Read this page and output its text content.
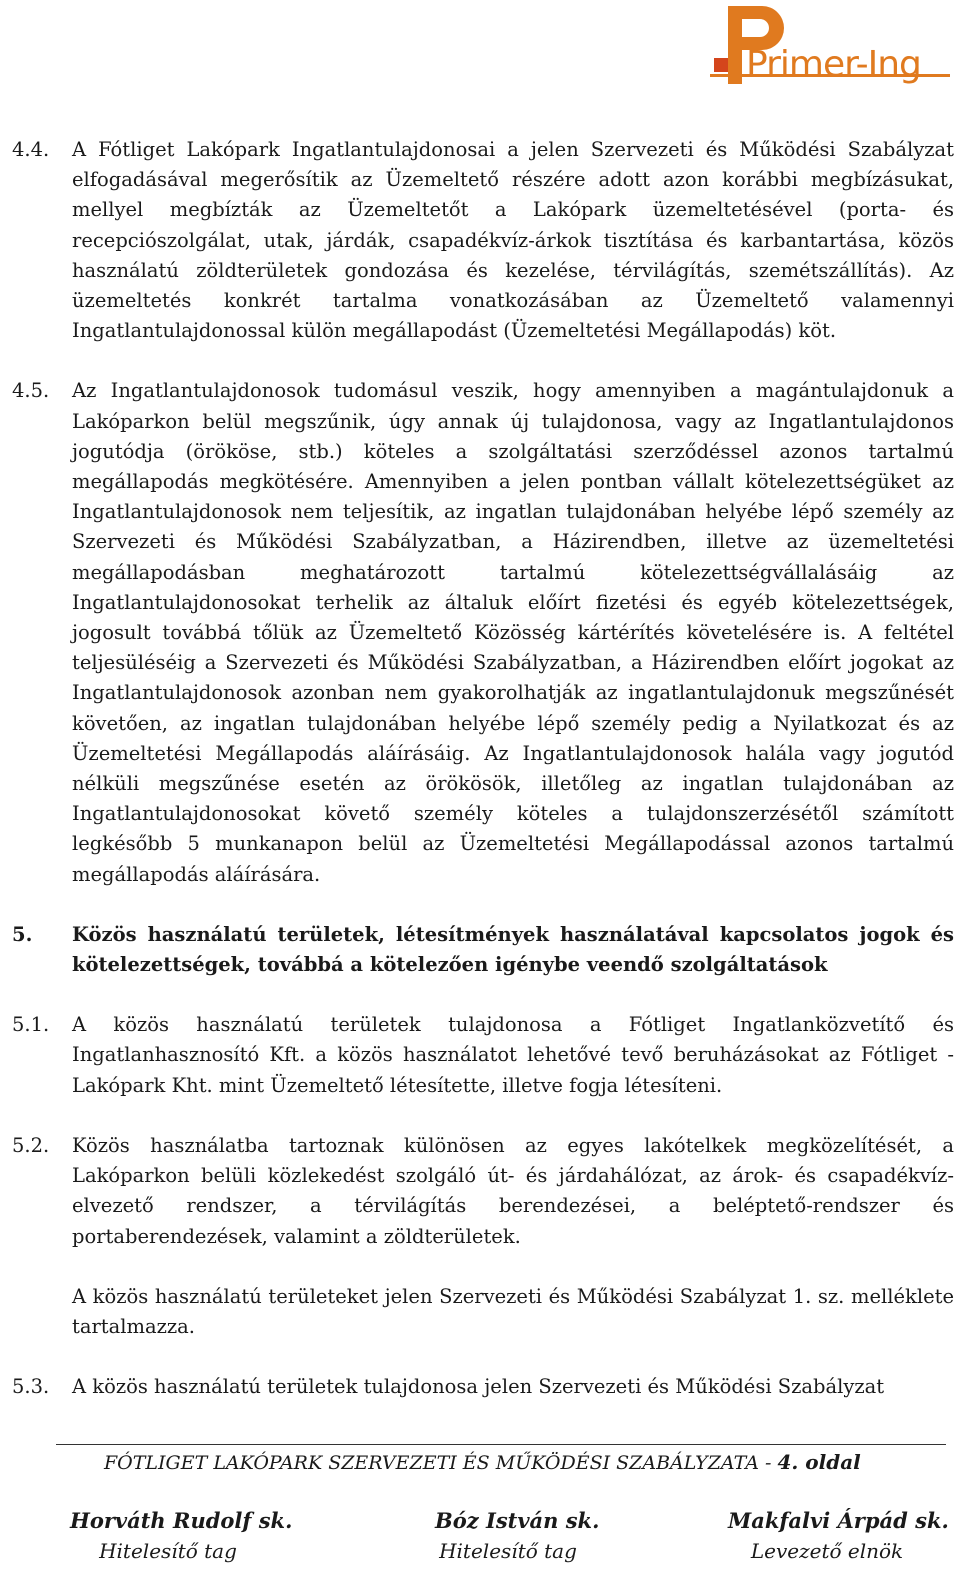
Primer-Ing
4.4.	A Fótliget Lakópark Ingatlantulajdonosai a jelen Szervezeti és Működési Szabályzat elfogadásával megerősítik az Üzemeltető részére adott azon korábbi megbízásukat, mellyel megbízták az Üzemeltetőt a Lakópark üzemeltetésével (porta- és recepciószolgálat, utak, járdák, csapadékvíz-árkok tisztítása és karbantartása, közös használatú zöldterületek gondozása és kezelése, térvilágítás, szemétszállítás). Az üzemeltetés konkrét tartalma vonatkozásában az Üzemeltető valamennyi Ingatlantulajdonossal külön megállapodást (Üzemeltetési Megállapodás) köt.

4.5.	Az Ingatlantulajdonosok tudomásul veszik, hogy amennyiben a magántulajdonuk a Lakóparkon belül megszűnik, úgy annak új tulajdonosa, vagy az Ingatlantulajdonos jogutódja (örököse, stb.) köteles a szolgáltatási szerződéssel azonos tartalmú megállapodás megkötésére. Amennyiben a jelen pontban vállalt kötelezettségüket az Ingatlantulajdonosok nem teljesítik, az ingatlan tulajdonában helyébe lépő személy az Szervezeti és Működési Szabályzatban, a Házirendben, illetve az üzemeltetési megállapodásban meghatározott tartalmú kötelezettségvállalásáig az Ingatlantulajdonosokat terhelik az általuk előírt fizetési és egyéb kötelezettségek, jogosult továbbá tőlük az Üzemeltető Közösség kártérítés követelésére is. A feltétel teljesüléséig a Szervezeti és Működési Szabályzatban, a Házirendben előírt jogokat az Ingatlantulajdonosok azonban nem gyakorolhatják az ingatlantulajdonuk megszűnését követően, az ingatlan tulajdonában helyébe lépő személy pedig a Nyilatkozat és az Üzemeltetési Megállapodás aláírásáig. Az Ingatlantulajdonosok halála vagy jogutód nélküli megszűnése esetén az örökösök, illetőleg az ingatlan tulajdonában az Ingatlantulajdonosokat követő személy köteles a tulajdonszerzésétől számított legkésőbb 5 munkanapon belül az Üzemeltetési Megállapodással azonos tartalmú megállapodás aláírására.

5.	Közös használatú területek, létesítmények használatával kapcsolatos jogok és kötelezettségek, továbbá a kötelezően igénybe veendő szolgáltatások

5.1.	A közös használatú területek tulajdonosa a Fótliget Ingatlanközvetítő és Ingatlanhasznosító Kft. a közös használatot lehetővé tevő beruházásokat az Fótliget - Lakópark Kht. mint Üzemeltető létesítette, illetve fogja létesíteni.

5.2.	Közös használatba tartoznak különösen az egyes lakótelkek megközelítését, a Lakóparkon belüli közlekedést szolgáló út- és járdahálózat, az árok- és csapadékvíz-elvezető rendszer, a térvilágítás berendezései, a beléptető-rendszer és portaberendezések, valamint a zöldterületek.

A közös használatú területeket jelen Szervezeti és Működési Szabályzat 1. sz. melléklete tartalmazza.

5.3.	A közös használatú területek tulajdonosa jelen Szervezeti és Működési Szabályzat

FÓTLIGET LAKÓPARK SZERVEZETI ÉS MŰKÖDÉSI SZABÁLYZATA - 4. oldal
Horváth Rudolf sk.
Hitelesítő tag
Bóz István sk.
Hitelesítő tag
Makfalvi Árpád sk.
Levezető elnök
